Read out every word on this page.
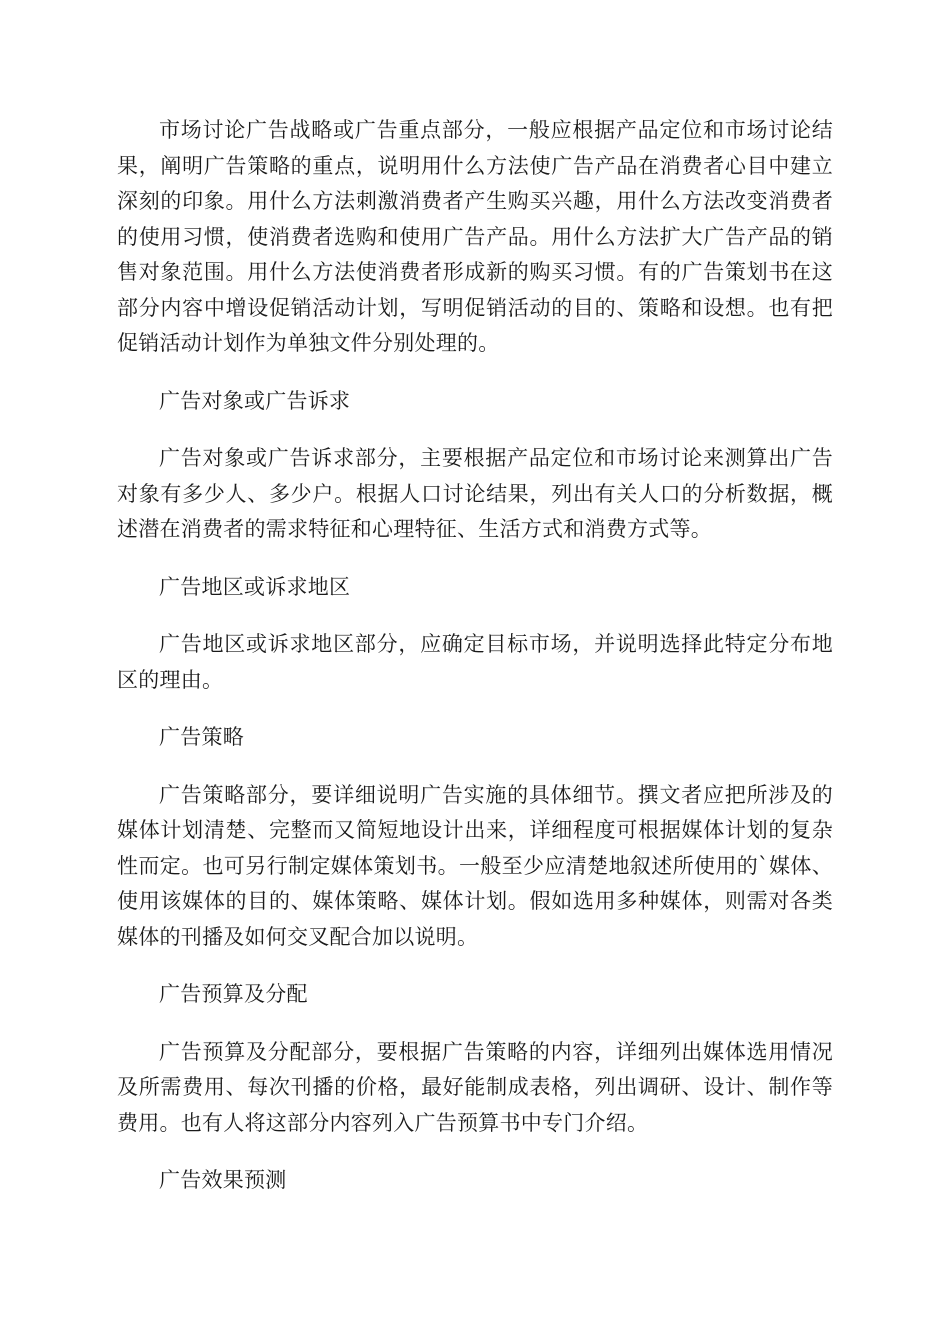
市场讨论广告战略或广告重点部分，一般应根据产品定位和市场讨论结果，阐明广告策略的重点，说明用什么方法使广告产品在消费者心目中建立深刻的印象。用什么方法刺激消费者产生购买兴趣，用什么方法改变消费者的使用习惯，使消费者选购和使用广告产品。用什么方法扩大广告产品的销售对象范围。用什么方法使消费者形成新的购买习惯。有的广告策划书在这部分内容中增设促销活动计划，写明促销活动的目的、策略和设想。也有把促销活动计划作为单独文件分别处理的。

广告对象或广告诉求

广告对象或广告诉求部分，主要根据产品定位和市场讨论来测算出广告对象有多少人、多少户。根据人口讨论结果，列出有关人口的分析数据，概述潜在消费者的需求特征和心理特征、生活方式和消费方式等。

广告地区或诉求地区

广告地区或诉求地区部分，应确定目标市场，并说明选择此特定分布地区的理由。

广告策略

广告策略部分，要详细说明广告实施的具体细节。撰文者应把所涉及的媒体计划清楚、完整而又简短地设计出来，详细程度可根据媒体计划的复杂性而定。也可另行制定媒体策划书。一般至少应清楚地叙述所使用的`媒体、使用该媒体的目的、媒体策略、媒体计划。假如选用多种媒体，则需对各类媒体的刊播及如何交叉配合加以说明。

广告预算及分配

广告预算及分配部分，要根据广告策略的内容，详细列出媒体选用情况及所需费用、每次刊播的价格，最好能制成表格，列出调研、设计、制作等费用。也有人将这部分内容列入广告预算书中专门介绍。

广告效果预测
